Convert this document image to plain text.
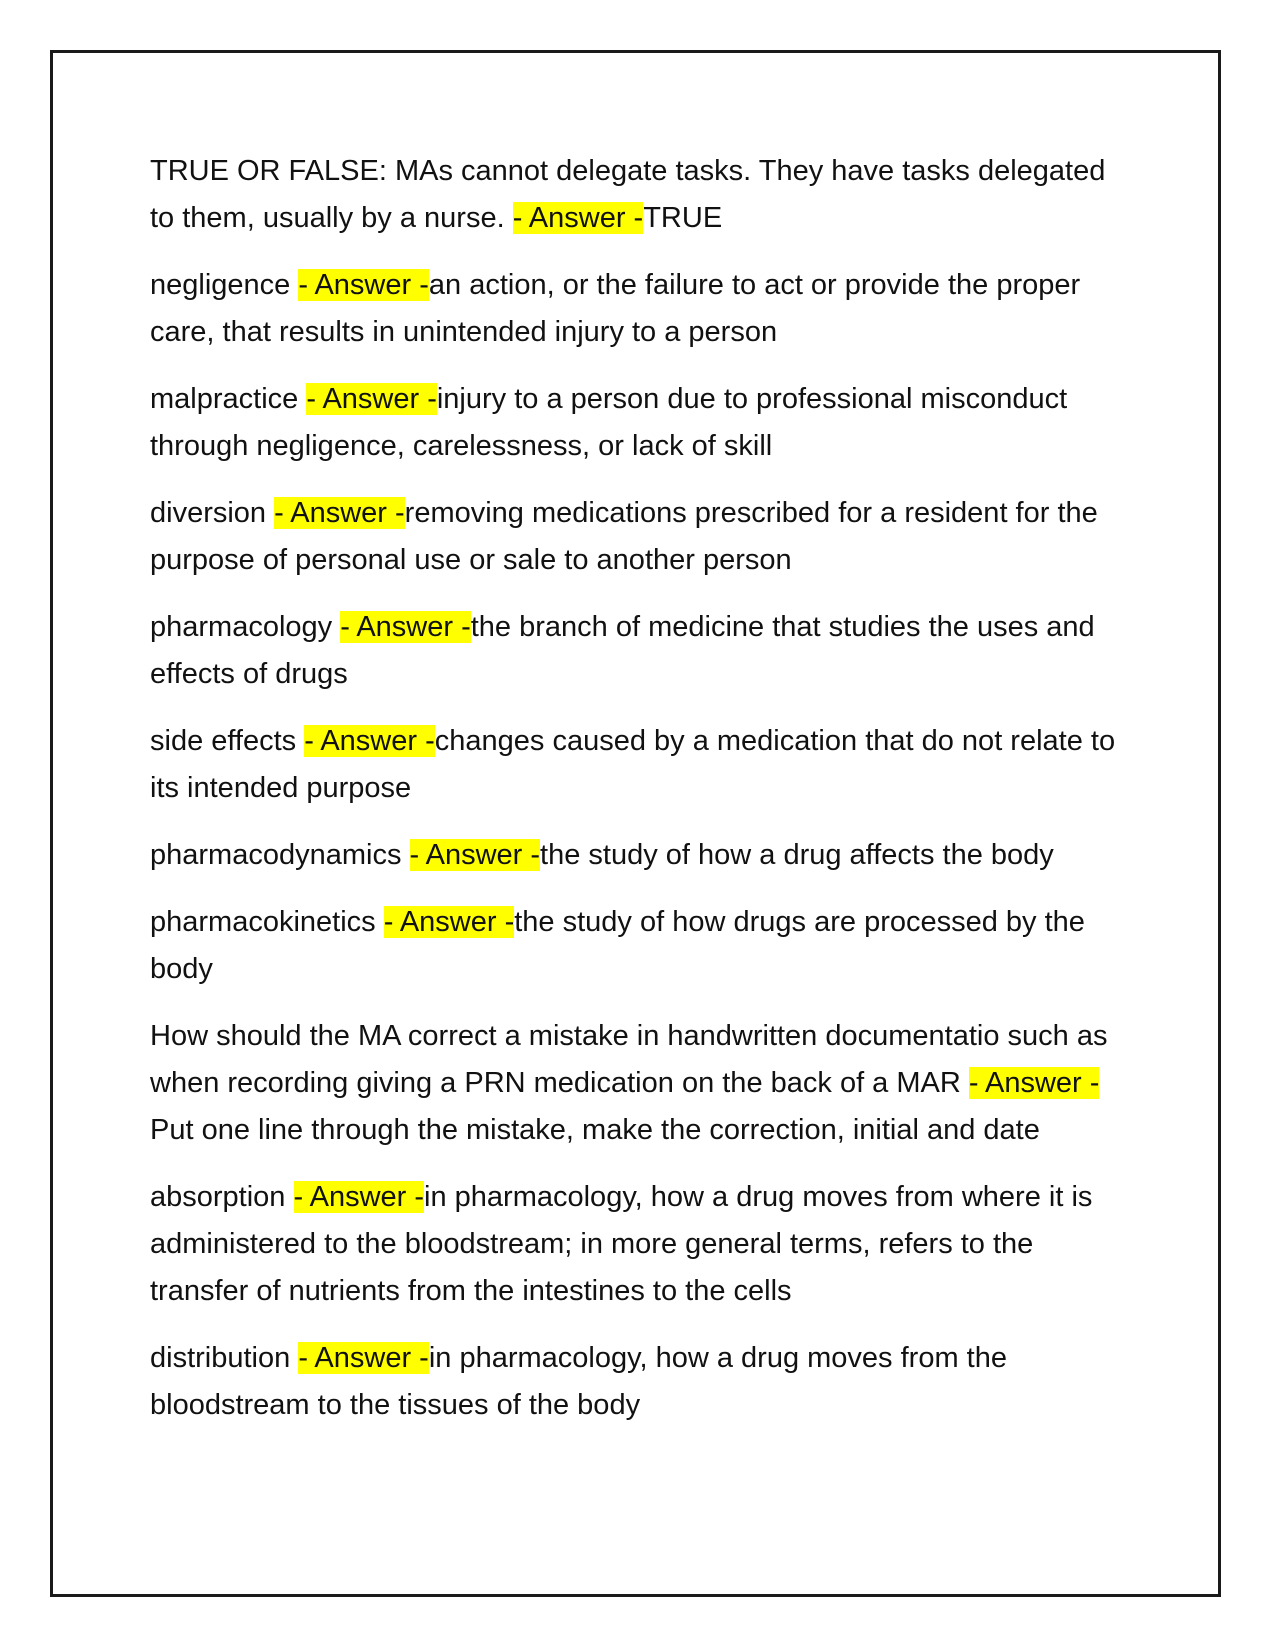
TRUE OR FALSE: MAs cannot delegate tasks. They have tasks delegated to them, usually by a nurse. - Answer -TRUE

negligence - Answer -an action, or the failure to act or provide the proper care, that results in unintended injury to a person

malpractice - Answer -injury to a person due to professional misconduct through negligence, carelessness, or lack of skill

diversion - Answer -removing medications prescribed for a resident for the purpose of personal use or sale to another person

pharmacology - Answer -the branch of medicine that studies the uses and effects of drugs

side effects - Answer -changes caused by a medication that do not relate to its intended purpose

pharmacodynamics - Answer -the study of how a drug affects the body

pharmacokinetics - Answer -the study of how drugs are processed by the body

How should the MA correct a mistake in handwritten documentatio such as when recording giving a PRN medication on the back of a MAR - Answer -Put one line through the mistake, make the correction, initial and date

absorption - Answer -in pharmacology, how a drug moves from where it is administered to the bloodstream; in more general terms, refers to the transfer of nutrients from the intestines to the cells

distribution - Answer -in pharmacology, how a drug moves from the bloodstream to the tissues of the body
